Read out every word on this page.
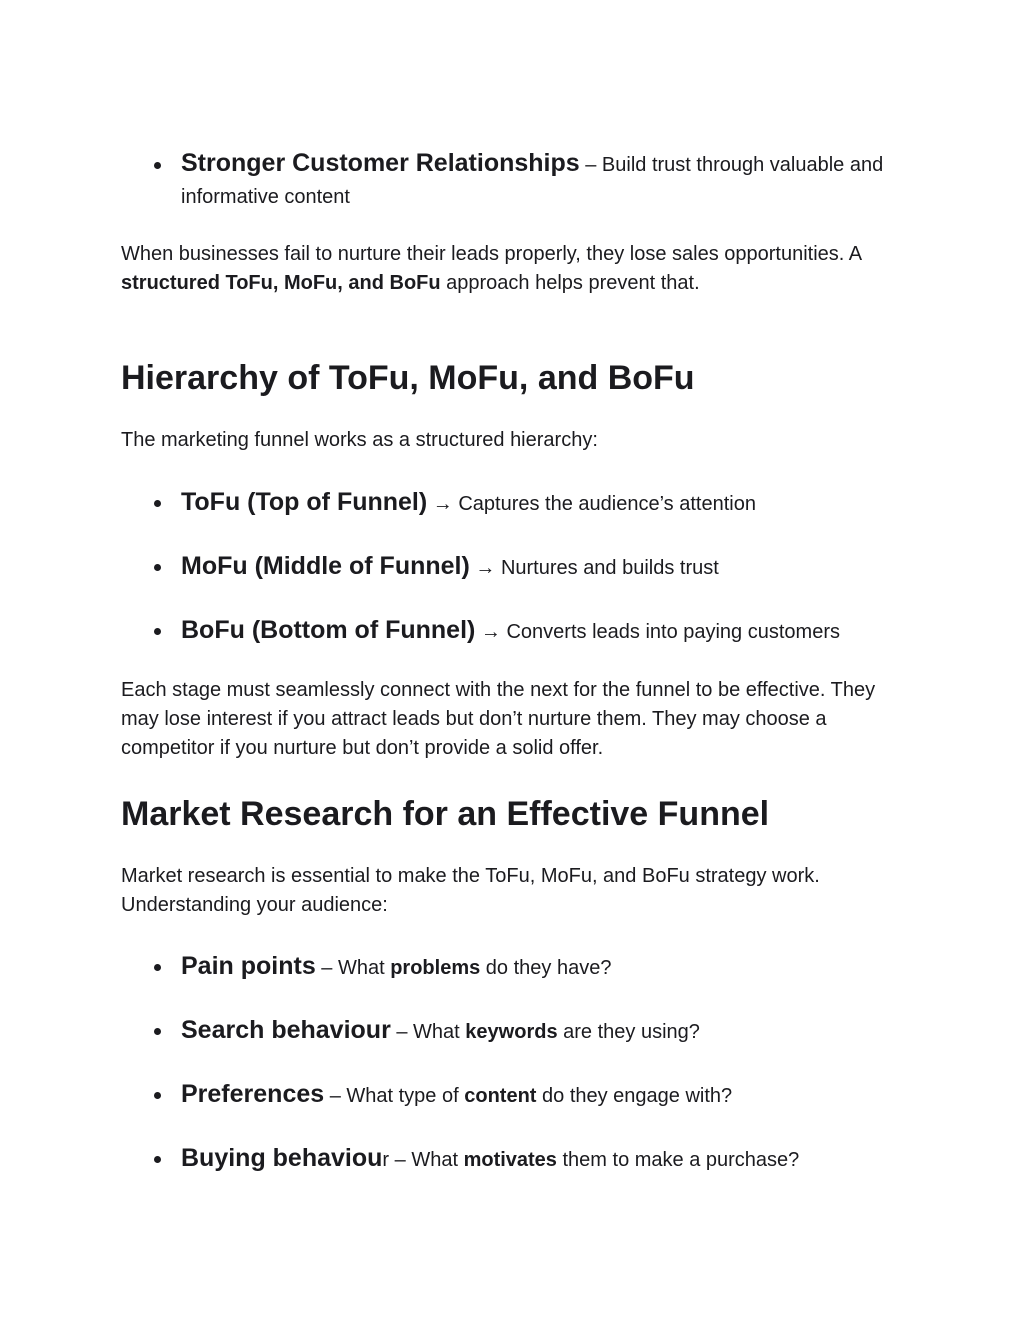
Stronger Customer Relationships – Build trust through valuable and informative content

When businesses fail to nurture their leads properly, they lose sales opportunities. A structured ToFu, MoFu, and BoFu approach helps prevent that.

Hierarchy of ToFu, MoFu, and BoFu

The marketing funnel works as a structured hierarchy:

ToFu (Top of Funnel) → Captures the audience’s attention
MoFu (Middle of Funnel) → Nurtures and builds trust
BoFu (Bottom of Funnel) → Converts leads into paying customers

Each stage must seamlessly connect with the next for the funnel to be effective. They may lose interest if you attract leads but don’t nurture them. They may choose a competitor if you nurture but don’t provide a solid offer.

Market Research for an Effective Funnel

Market research is essential to make the ToFu, MoFu, and BoFu strategy work. Understanding your audience:

Pain points – What problems do they have?
Search behaviour – What keywords are they using?
Preferences – What type of content do they engage with?
Buying behaviour – What motivates them to make a purchase?
